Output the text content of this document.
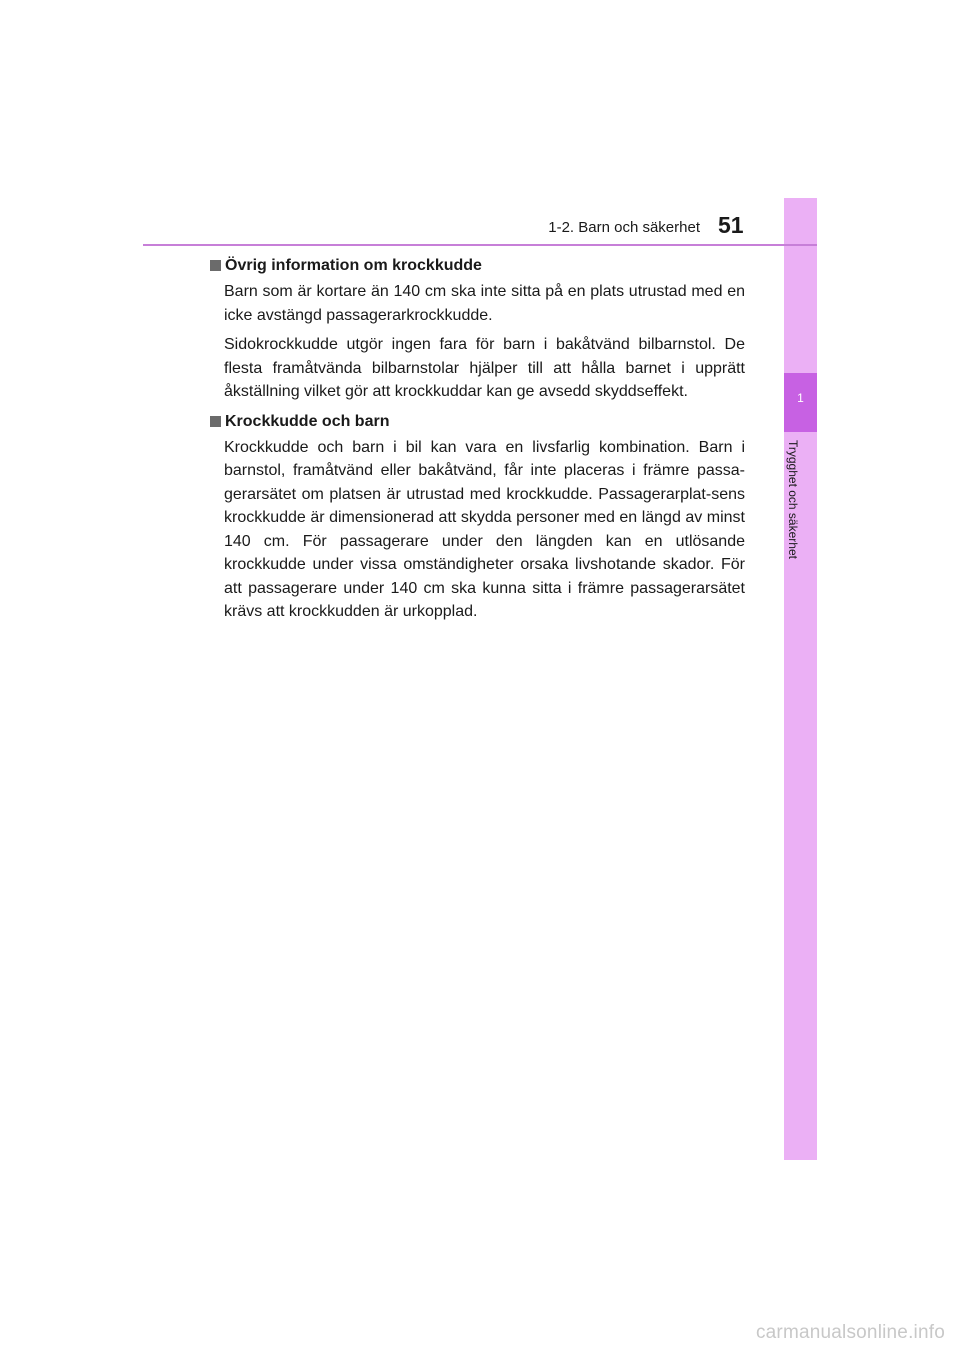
1
Trygghet och säkerhet
1-2. Barn och säkerhet 51
Övrig information om krockkudde

Barn som är kortare än 140 cm ska inte sitta på en plats utrustad med en icke avstängd passagerarkrockkudde.

Sidokrockkudde utgör ingen fara för barn i bakåtvänd bilbarnstol. De flesta framåtvända bilbarnstolar hjälper till att hålla barnet i upprätt åkställning vilket gör att krockkuddar kan ge avsedd skyddseffekt.

Krockkudde och barn

Krockkudde och barn i bil kan vara en livsfarlig kombination. Barn i barnstol, framåtvänd eller bakåtvänd, får inte placeras i främre passa-gerarsätet om platsen är utrustad med krockkudde. Passagerarplat-sens krockkudde är dimensionerad att skydda personer med en längd av minst 140 cm. För passagerare under den längden kan en utlösande krockkudde under vissa omständigheter orsaka livshotande skador. För att passagerare under 140 cm ska kunna sitta i främre passagerarsätet krävs att krockkudden är urkopplad.

carmanualsonline.info
